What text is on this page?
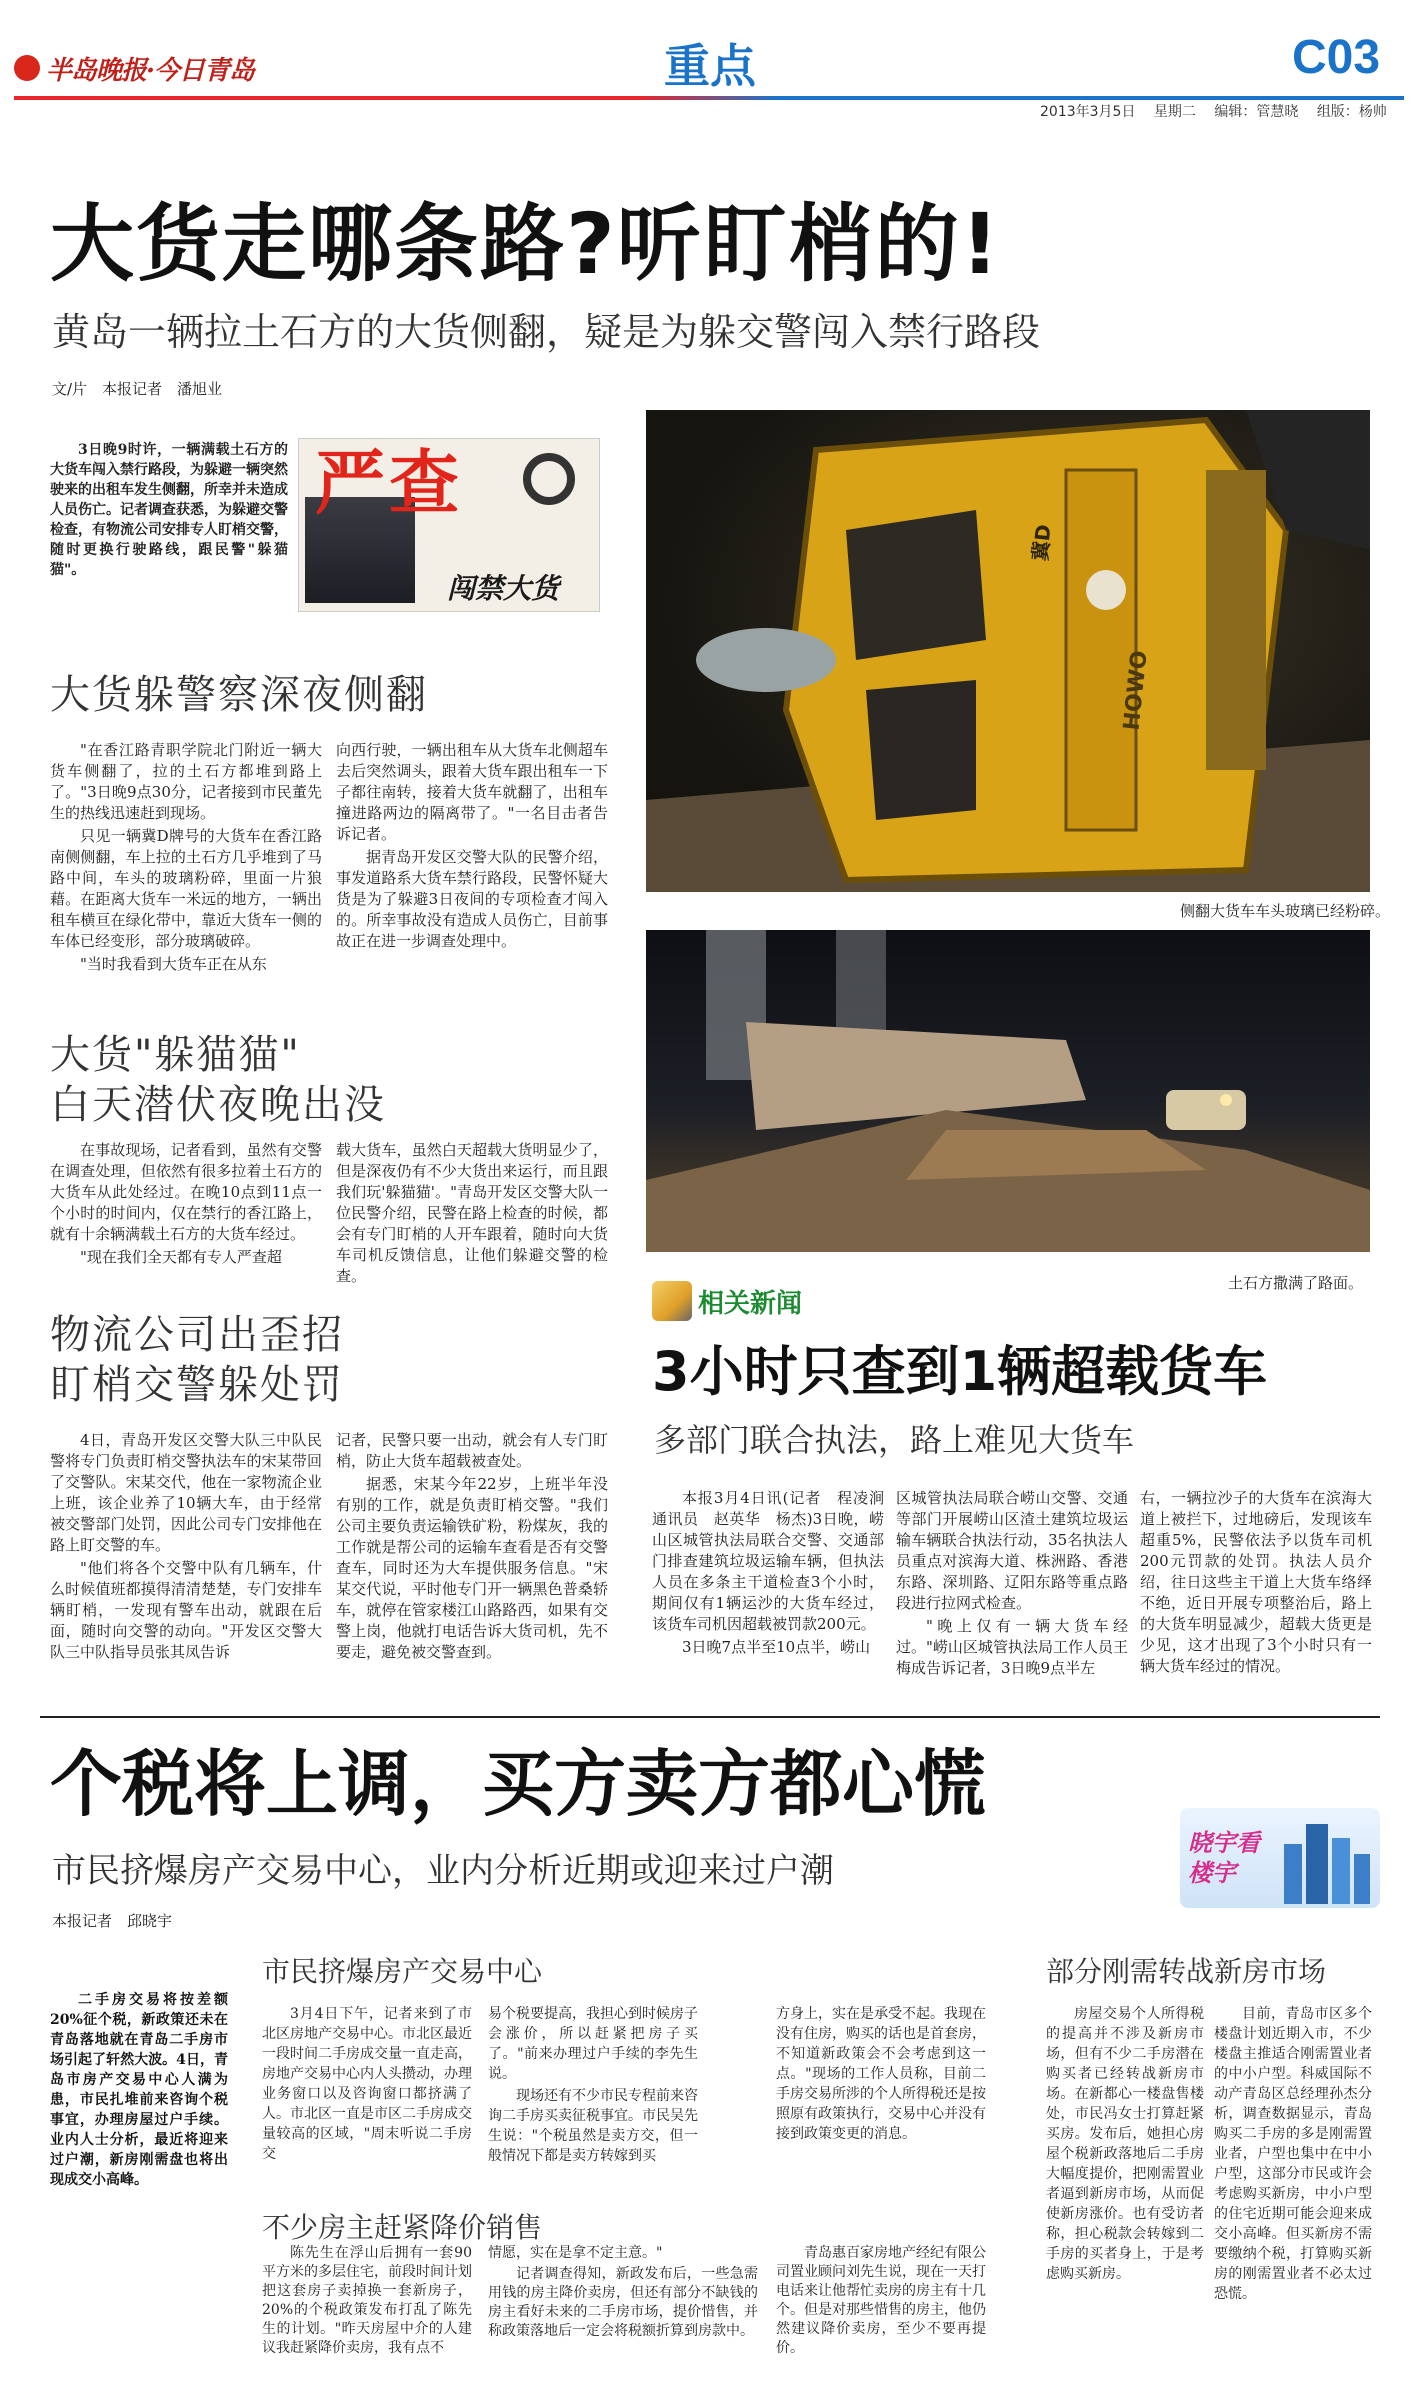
半岛晚报·今日青岛	重点	C03
2013年3月5日　 星期二　 编辑：管慧晓　 组版：杨帅
大货走哪条路?听盯梢的!
黄岛一辆拉土石方的大货侧翻，疑是为躲交警闯入禁行路段
文/片　本报记者　潘旭业

3日晚9时许，一辆满载土石方的大货车闯入禁行路段，为躲避一辆突然驶来的出租车发生侧翻，所幸并未造成人员伤亡。记者调查获悉，为躲避交警检查，有物流公司安排专人盯梢交警，随时更换行驶路线，跟民警"躲猫猫"。

严查
闯禁大货
大货躲警察深夜侧翻

"在香江路青职学院北门附近一辆大货车侧翻了，拉的土石方都堆到路上了。"3日晚9点30分，记者接到市民董先生的热线迅速赶到现场。

只见一辆冀D牌号的大货车在香江路南侧侧翻，车上拉的土石方几乎堆到了马路中间，车头的玻璃粉碎，里面一片狼藉。在距离大货车一米远的地方，一辆出租车横亘在绿化带中，靠近大货车一侧的车体已经变形，部分玻璃破碎。

"当时我看到大货车正在从东

向西行驶，一辆出租车从大货车北侧超车去后突然调头，跟着大货车跟出租车一下子都往南转，接着大货车就翻了，出租车撞进路两边的隔离带了。"一名目击者告诉记者。

据青岛开发区交警大队的民警介绍，事发道路系大货车禁行路段，民警怀疑大货是为了躲避3日夜间的专项检查才闯入的。所幸事故没有造成人员伤亡，目前事故正在进一步调查处理中。

大货"躲猫猫"
白天潜伏夜晚出没

在事故现场，记者看到，虽然有交警在调查处理，但依然有很多拉着土石方的大货车从此处经过。在晚10点到11点一个小时的时间内，仅在禁行的香江路上，就有十余辆满载土石方的大货车经过。

"现在我们全天都有专人严查超

载大货车，虽然白天超载大货明显少了，但是深夜仍有不少大货出来运行，而且跟我们玩'躲猫猫'。"青岛开发区交警大队一位民警介绍，民警在路上检查的时候，都会有专门盯梢的人开车跟着，随时向大货车司机反馈信息，让他们躲避交警的检查。

物流公司出歪招
盯梢交警躲处罚

4日，青岛开发区交警大队三中队民警将专门负责盯梢交警执法车的宋某带回了交警队。宋某交代，他在一家物流企业上班，该企业养了10辆大车，由于经常被交警部门处罚，因此公司专门安排他在路上盯交警的车。

"他们将各个交警中队有几辆车，什么时候值班都摸得清清楚楚，专门安排车辆盯梢，一发现有警车出动，就跟在后面，随时向交警的动向。"开发区交警大队三中队指导员张其凤告诉

记者，民警只要一出动，就会有人专门盯梢，防止大货车超载被查处。

据悉，宋某今年22岁，上班半年没有别的工作，就是负责盯梢交警。"我们公司主要负责运输铁矿粉，粉煤灰，我的工作就是帮公司的运输车查看是否有交警查车，同时还为大车提供服务信息。"宋某交代说，平时他专门开一辆黑色普桑轿车，就停在管家楼江山路路西，如果有交警上岗，他就打电话告诉大货司机，先不要走，避免被交警查到。

HOWO
冀D
侧翻大货车车头玻璃已经粉碎。
土石方撒满了路面。
相关新闻
3小时只查到1辆超载货车
多部门联合执法，路上难见大货车

本报3月4日讯(记者　程凌涧　通讯员　赵英华　杨杰)3日晚，崂山区城管执法局联合交警、交通部门排查建筑垃圾运输车辆，但执法人员在多条主干道检查3个小时，期间仅有1辆运沙的大货车经过，该货车司机因超载被罚款200元。

3日晚7点半至10点半，崂山

区城管执法局联合崂山交警、交通等部门开展崂山区渣土建筑垃圾运输车辆联合执法行动，35名执法人员重点对滨海大道、株洲路、香港东路、深圳路、辽阳东路等重点路段进行拉网式检查。

"晚上仅有一辆大货车经过。"崂山区城管执法局工作人员王梅成告诉记者，3日晚9点半左

右，一辆拉沙子的大货车在滨海大道上被拦下，过地磅后，发现该车超重5%，民警依法予以货车司机200元罚款的处罚。执法人员介绍，往日这些主干道上大货车络绎不绝，近日开展专项整治后，路上的大货车明显减少，超载大货更是少见，这才出现了3个小时只有一辆大货车经过的情况。

个税将上调，买方卖方都心慌
市民挤爆房产交易中心，业内分析近期或迎来过户潮
本报记者　邱晓宇
晓宇看楼宇

二手房交易将按差额20%征个税，新政策还未在青岛落地就在青岛二手房市场引起了轩然大波。4日，青岛市房产交易中心人满为患，市民扎堆前来咨询个税事宜，办理房屋过户手续。业内人士分析，最近将迎来过户潮，新房刚需盘也将出现成交小高峰。

市民挤爆房产交易中心

3月4日下午，记者来到了市北区房地产交易中心。市北区最近一段时间二手房成交量一直走高，房地产交易中心内人头攒动，办理业务窗口以及咨询窗口都挤满了人。市北区一直是市区二手房成交量较高的区域，"周末听说二手房交

易个税要提高，我担心到时候房子会涨价，所以赶紧把房子买了。"前来办理过户手续的李先生说。

现场还有不少市民专程前来咨询二手房买卖征税事宜。市民吴先生说："个税虽然是卖方交，但一般情况下都是卖方转嫁到买

方身上，实在是承受不起。我现在没有住房，购买的话也是首套房，不知道新政策会不会考虑到这一点。"现场的工作人员称，目前二手房交易所涉的个人所得税还是按照原有政策执行，交易中心并没有接到政策变更的消息。

不少房主赶紧降价销售

陈先生在浮山后拥有一套90平方米的多层住宅，前段时间计划把这套房子卖掉换一套新房子，20%的个税政策发布打乱了陈先生的计划。"昨天房屋中介的人建议我赶紧降价卖房，我有点不

情愿，实在是拿不定主意。"

记者调查得知，新政发布后，一些急需用钱的房主降价卖房，但还有部分不缺钱的房主看好未来的二手房市场，提价惜售，并称政策落地后一定会将税额折算到房款中。

青岛惠百家房地产经纪有限公司置业顾问刘先生说，现在一天打电话来让他帮忙卖房的房主有十几个。但是对那些惜售的房主，他仍然建议降价卖房，至少不要再提价。

部分刚需转战新房市场

房屋交易个人所得税的提高并不涉及新房市场，但有不少二手房潜在购买者已经转战新房市场。在新都心一楼盘售楼处，市民冯女士打算赶紧买房。发布后，她担心房屋个税新政落地后二手房大幅度提价，把刚需置业者逼到新房市场，从而促使新房涨价。也有受访者称，担心税款会转嫁到二手房的买者身上，于是考虑购买新房。

目前，青岛市区多个楼盘计划近期入市，不少楼盘主推适合刚需置业者的中小户型。科威国际不动产青岛区总经理孙杰分析，调查数据显示，青岛购买二手房的多是刚需置业者，户型也集中在中小户型，这部分市民或许会考虑购买新房，中小户型的住宅近期可能会迎来成交小高峰。但买新房不需要缴纳个税，打算购买新房的刚需置业者不必太过恐慌。
